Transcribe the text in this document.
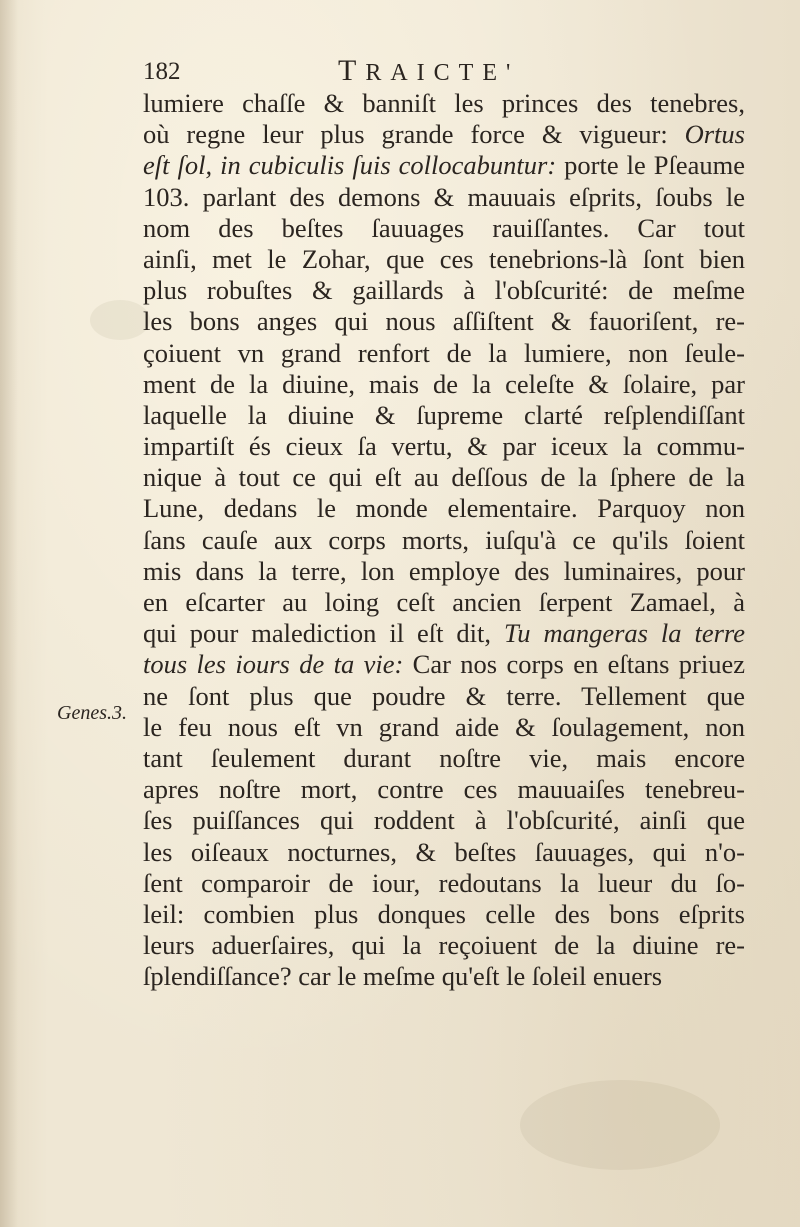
182	TRAICTE'
Genes.3.
lumiere chaſſe & banniſt les princes des tenebres,
où regne leur plus grande force & vigueur: Ortus
eſt ſol, in cubiculis ſuis collocabuntur: porte le Pſeaume
103. parlant des demons & mauuais eſprits, ſoubs le
nom des beſtes ſauuages rauiſſantes. Car tout
ainſi, met le Zohar, que ces tenebrions-là ſont bien
plus robuſtes & gaillards à l'obſcurité: de meſme
les bons anges qui nous aſſiſtent & fauoriſent, re-
çoiuent vn grand renfort de la lumiere, non ſeule-
ment de la diuine, mais de la celeſte & ſolaire, par
laquelle la diuine & ſupreme clarté reſplendiſſant
impartiſt és cieux ſa vertu, & par iceux la commu-
nique à tout ce qui eſt au deſſous de la ſphere de la
Lune, dedans le monde elementaire. Parquoy non
ſans cauſe aux corps morts, iuſqu'à ce qu'ils ſoient
mis dans la terre, lon employe des luminaires, pour
en eſcarter au loing ceſt ancien ſerpent Zamael, à
qui pour malediction il eſt dit, Tu mangeras la terre
tous les iours de ta vie: Car nos corps en eſtans priuez
ne ſont plus que poudre & terre. Tellement que
le feu nous eſt vn grand aide & ſoulagement, non
tant ſeulement durant noſtre vie, mais encore
apres noſtre mort, contre ces mauuaiſes tenebreu-
ſes puiſſances qui roddent à l'obſcurité, ainſi que
les oiſeaux nocturnes, & beſtes ſauuages, qui n'o-
ſent comparoir de iour, redoutans la lueur du ſo-
leil: combien plus donques celle des bons eſprits
leurs aduerſaires, qui la reçoiuent de la diuine re-
ſplendiſſance? car le meſme qu'eſt le ſoleil enuers
